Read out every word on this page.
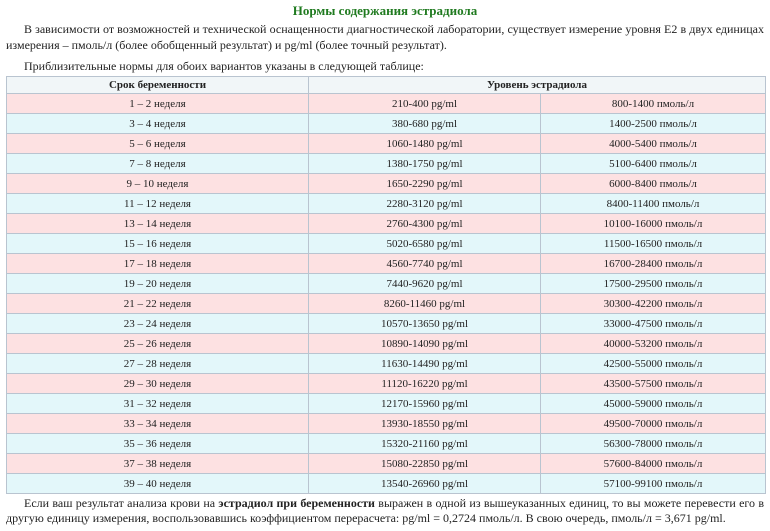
Нормы содержания эстрадиола

В зависимости от возможностей и технической оснащенности диагностической лаборатории, существует измерение уровня Е2 в двух единицах измерения – пмоль/л (более обобщенный результат) и pg/ml (более точный результат).

Приблизительные нормы для обоих вариантов указаны в следующей таблице:

Срок беременности	Уровень эстрадиола	
1 – 2 неделя	210-400 pg/ml	800-1400 пмоль/л
3 – 4 неделя	380-680 pg/ml	1400-2500 пмоль/л
5 – 6 неделя	1060-1480 pg/ml	4000-5400 пмоль/л
7 – 8 неделя	1380-1750 pg/ml	5100-6400 пмоль/л
9 – 10 неделя	1650-2290 pg/ml	6000-8400 пмоль/л
11 – 12 неделя	2280-3120 pg/ml	8400-11400 пмоль/л
13 – 14 неделя	2760-4300 pg/ml	10100-16000 пмоль/л
15 – 16 неделя	5020-6580 pg/ml	11500-16500 пмоль/л
17 – 18 неделя	4560-7740 pg/ml	16700-28400 пмоль/л
19 – 20 неделя	7440-9620 pg/ml	17500-29500 пмоль/л
21 – 22 неделя	8260-11460 pg/ml	30300-42200 пмоль/л
23 – 24 неделя	10570-13650 pg/ml	33000-47500 пмоль/л
25 – 26 неделя	10890-14090 pg/ml	40000-53200 пмоль/л
27 – 28 неделя	11630-14490 pg/ml	42500-55000 пмоль/л
29 – 30 неделя	11120-16220 pg/ml	43500-57500 пмоль/л
31 – 32 неделя	12170-15960 pg/ml	45000-59000 пмоль/л
33 – 34 неделя	13930-18550 pg/ml	49500-70000 пмоль/л
35 – 36 неделя	15320-21160 pg/ml	56300-78000 пмоль/л
37 – 38 неделя	15080-22850 pg/ml	57600-84000 пмоль/л
39 – 40 неделя	13540-26960 pg/ml	57100-99100 пмоль/л

Если ваш результат анализа крови на эстрадиол при беременности выражен в одной из вышеуказанных единиц, то вы можете перевести его в другую единицу измерения, воспользовавшись коэффициентом перерасчета: pg/ml = 0,2724 пмоль/л. В свою очередь, пмоль/л = 3,671 pg/ml.
